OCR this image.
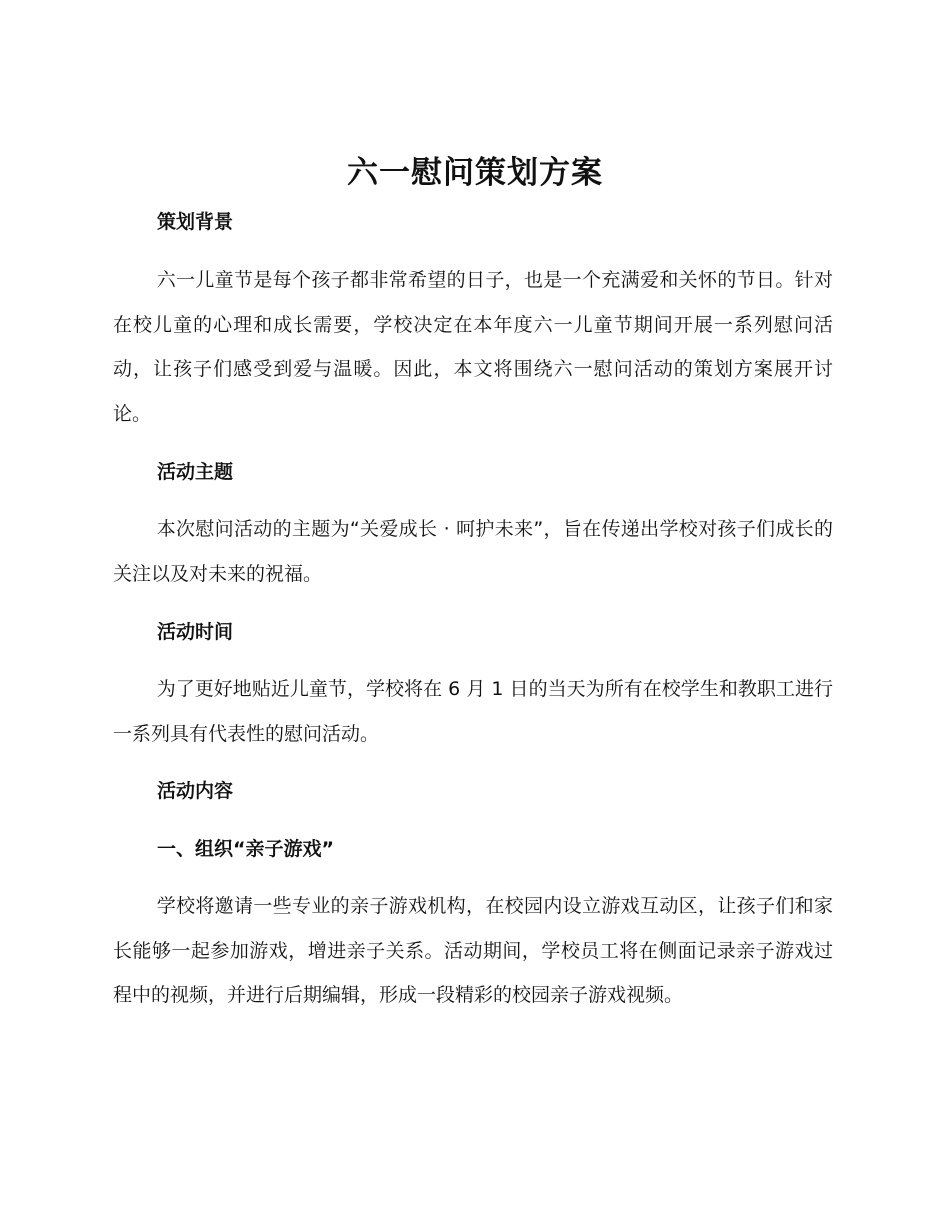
六一慰问策划方案
策划背景

六一儿童节是每个孩子都非常希望的日子，也是一个充满爱和关怀的节日。针对在校儿童的心理和成长需要，学校决定在本年度六一儿童节期间开展一系列慰问活动，让孩子们感受到爱与温暖。因此，本文将围绕六一慰问活动的策划方案展开讨论。

活动主题

本次慰问活动的主题为“关爱成长 · 呵护未来”，旨在传递出学校对孩子们成长的关注以及对未来的祝福。

活动时间

为了更好地贴近儿童节，学校将在 6 月 1 日的当天为所有在校学生和教职工进行一系列具有代表性的慰问活动。

活动内容
一、组织“亲子游戏”

学校将邀请一些专业的亲子游戏机构，在校园内设立游戏互动区，让孩子们和家长能够一起参加游戏，增进亲子关系。活动期间，学校员工将在侧面记录亲子游戏过程中的视频，并进行后期编辑，形成一段精彩的校园亲子游戏视频。
